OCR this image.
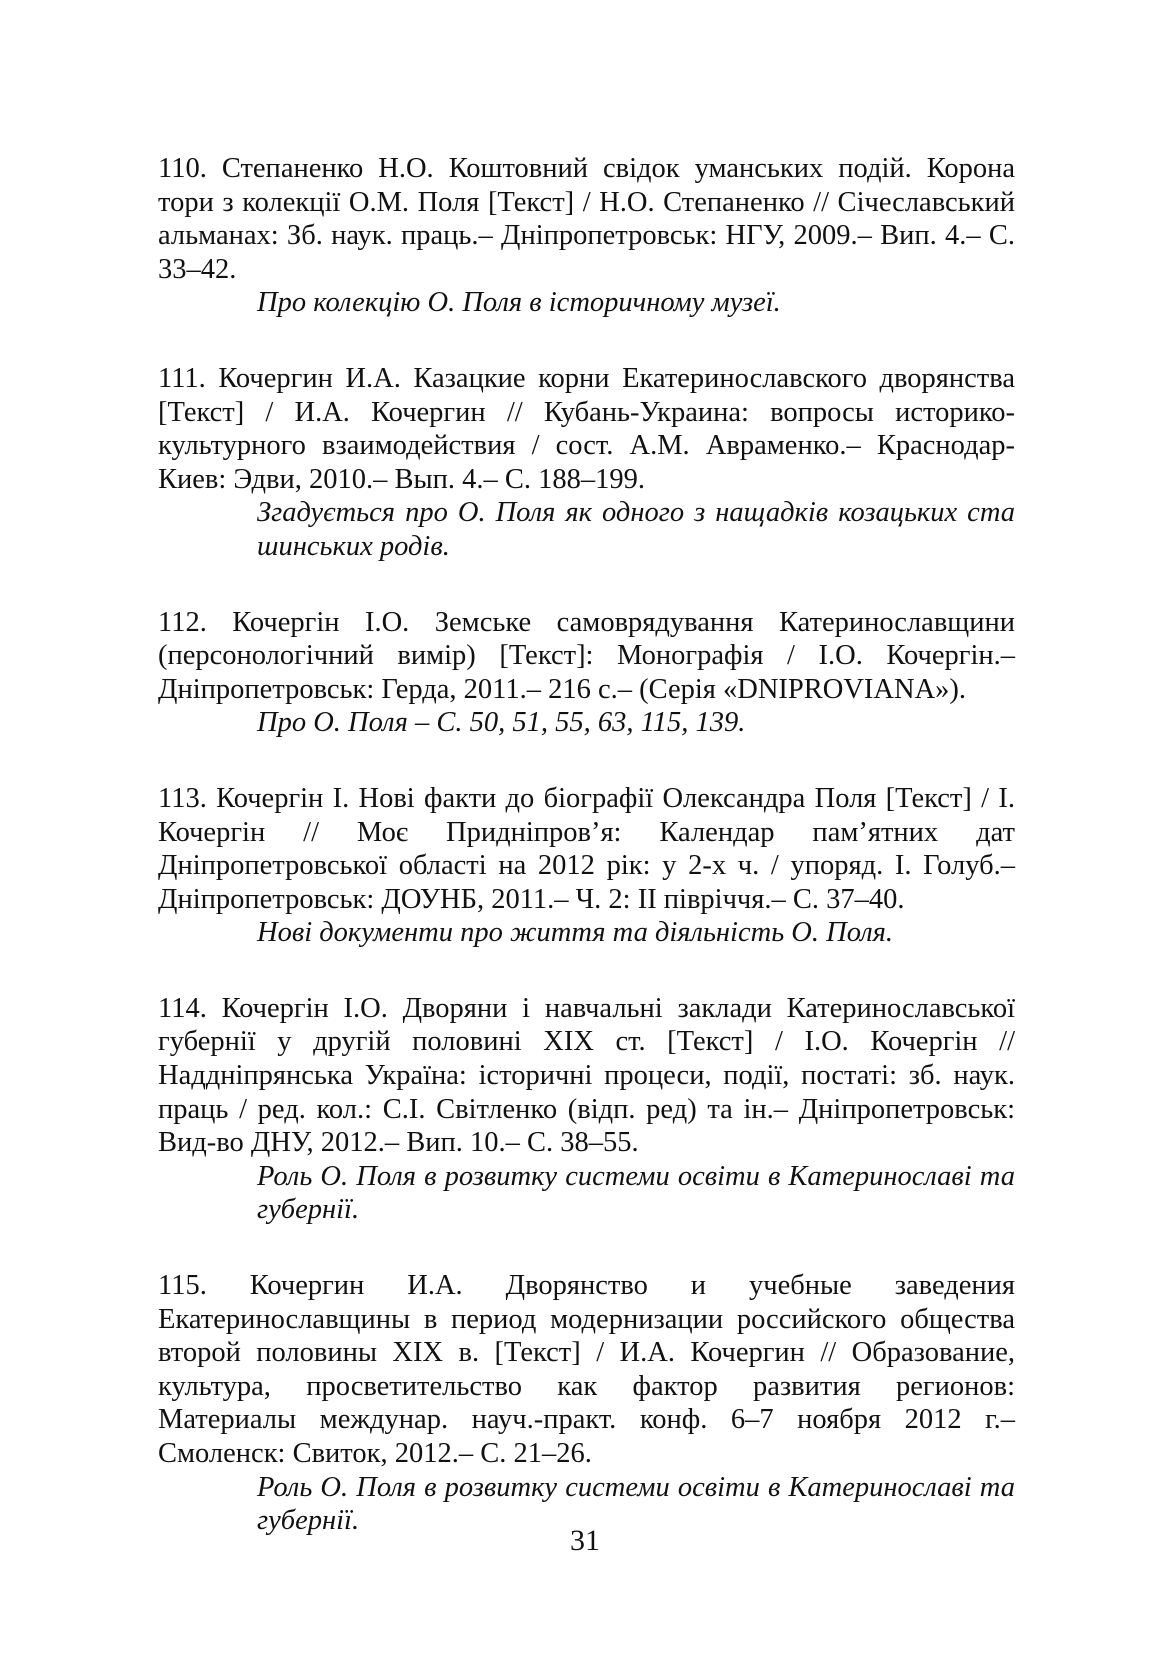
110. Степаненко Н.О. Коштовний свідок уманських подій. Корона тори з колекції О.М. Поля [Текст] / Н.О. Степаненко // Січеславський альманах: Зб. наук. праць.– Дніпропетровськ: НГУ, 2009.– Вип. 4.– С. 33–42.

Про колекцію О. Поля в історичному музеї.

111. Кочергин И.А. Казацкие корни Екатеринославского дворянства [Текст] / И.А. Кочергин // Кубань-Украина: вопросы историко-культурного взаимодействия / сост. А.М. Авраменко.– Краснодар-Киев: Эдви, 2010.– Вып. 4.– С. 188–199.

Згадується про О. Поля як одного з нащадків козацьких ста шинських родів.

112. Кочергін І.О. Земське самоврядування Катеринославщини (персонологічний вимір) [Текст]: Монографія / І.О. Кочергін.– Дніпропетровськ: Герда, 2011.– 216 с.– (Серія «DNIPROVIANA»).

Про О. Поля – С. 50, 51, 55, 63, 115, 139.

113. Кочергін І. Нові факти до біографії Олександра Поля [Текст] / І. Кочергін // Моє Придніпров’я: Календар пам’ятних дат Дніпропетровської області на 2012 рік: у 2-х ч. / упоряд. І. Голуб.– Дніпропетровськ: ДОУНБ, 2011.– Ч. 2: ІІ півріччя.– С. 37–40.

Нові документи про життя та діяльність О. Поля.

114. Кочергін І.О. Дворяни і навчальні заклади Катеринославської губернії у другій половині ХІХ ст. [Текст] / І.О. Кочергін // Наддніпрянська Україна: історичні процеси, події, постаті: зб. наук. праць / ред. кол.: С.І. Світленко (відп. ред) та ін.– Дніпропетровськ: Вид-во ДНУ, 2012.– Вип. 10.– С. 38–55.

Роль О. Поля в розвитку системи освіти в Катеринославі та губернії.

115. Кочергин И.А. Дворянство и учебные заведения Екатеринославщины в период модернизации российского общества второй половины ХІХ в. [Текст] / И.А. Кочергин // Образование, культура, просветительство как фактор развития регионов: Материалы междунар. науч.-практ. конф. 6–7 ноября 2012 г.– Смоленск: Свиток, 2012.– С. 21–26.

Роль О. Поля в розвитку системи освіти в Катеринославі та губернії.

31
